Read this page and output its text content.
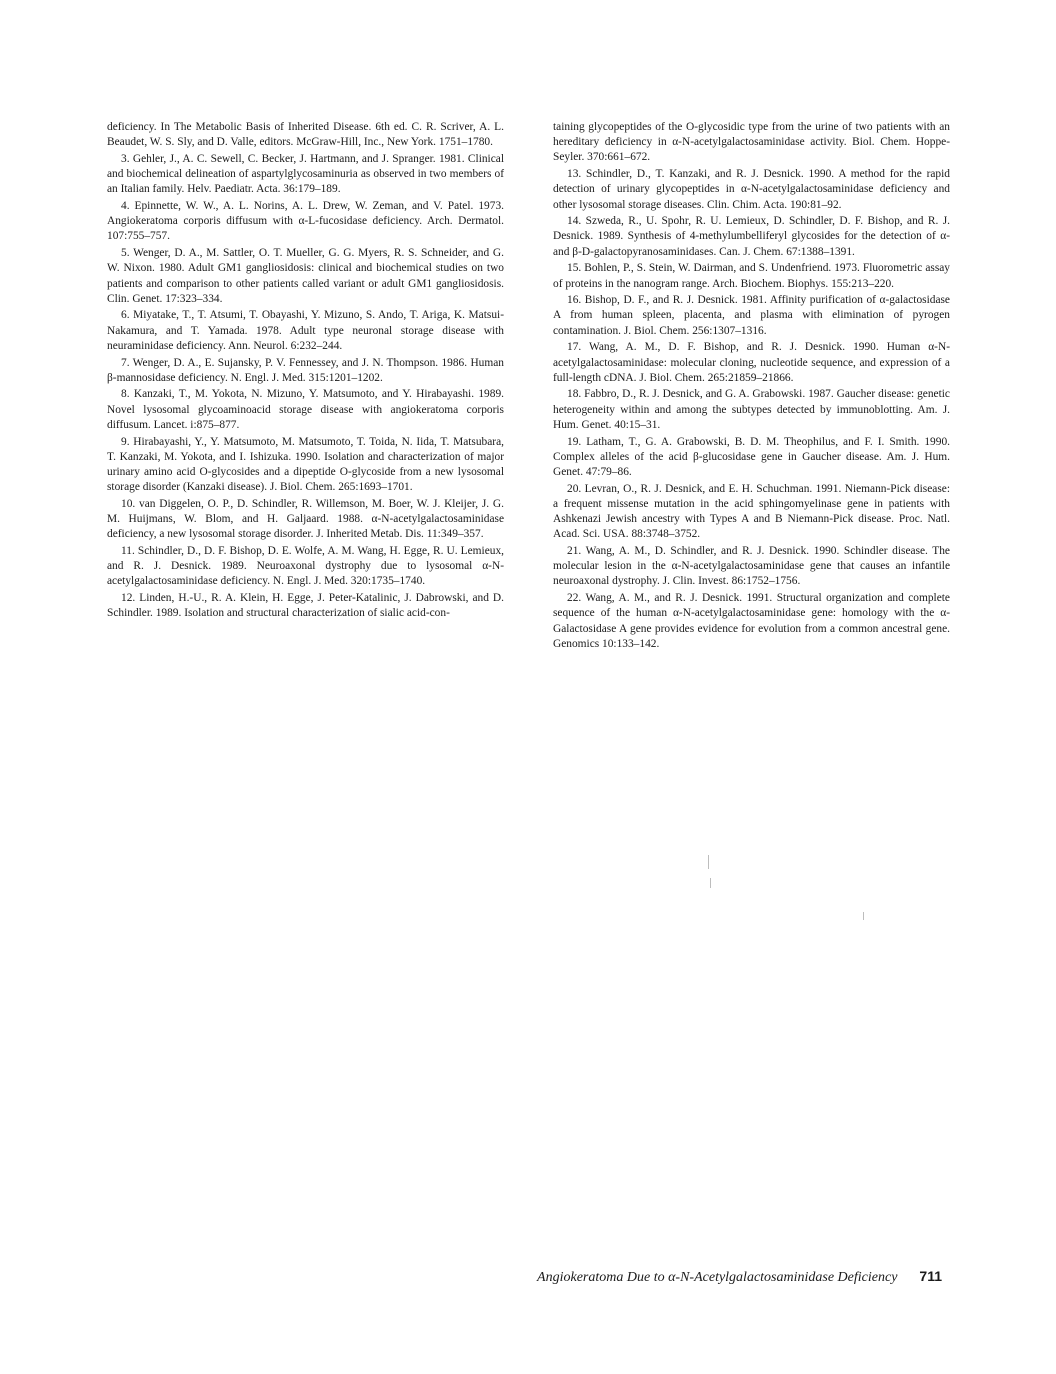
deficiency. In The Metabolic Basis of Inherited Disease. 6th ed. C. R. Scriver, A. L. Beaudet, W. S. Sly, and D. Valle, editors. McGraw-Hill, Inc., New York. 1751–1780.

3. Gehler, J., A. C. Sewell, C. Becker, J. Hartmann, and J. Spranger. 1981. Clinical and biochemical delineation of aspartylglycosaminuria as observed in two members of an Italian family. Helv. Paediatr. Acta. 36:179–189.

4. Epinnette, W. W., A. L. Norins, A. L. Drew, W. Zeman, and V. Patel. 1973. Angiokeratoma corporis diffusum with α-L-fucosidase deficiency. Arch. Dermatol. 107:755–757.

5. Wenger, D. A., M. Sattler, O. T. Mueller, G. G. Myers, R. S. Schneider, and G. W. Nixon. 1980. Adult GM1 gangliosidosis: clinical and biochemical studies on two patients and comparison to other patients called variant or adult GM1 gangliosidosis. Clin. Genet. 17:323–334.

6. Miyatake, T., T. Atsumi, T. Obayashi, Y. Mizuno, S. Ando, T. Ariga, K. Matsui-Nakamura, and T. Yamada. 1978. Adult type neuronal storage disease with neuraminidase deficiency. Ann. Neurol. 6:232–244.

7. Wenger, D. A., E. Sujansky, P. V. Fennessey, and J. N. Thompson. 1986. Human β-mannosidase deficiency. N. Engl. J. Med. 315:1201–1202.

8. Kanzaki, T., M. Yokota, N. Mizuno, Y. Matsumoto, and Y. Hirabayashi. 1989. Novel lysosomal glycoaminoacid storage disease with angiokeratoma corporis diffusum. Lancet. i:875–877.

9. Hirabayashi, Y., Y. Matsumoto, M. Matsumoto, T. Toida, N. Iida, T. Matsubara, T. Kanzaki, M. Yokota, and I. Ishizuka. 1990. Isolation and characterization of major urinary amino acid O-glycosides and a dipeptide O-glycoside from a new lysosomal storage disorder (Kanzaki disease). J. Biol. Chem. 265:1693–1701.

10. van Diggelen, O. P., D. Schindler, R. Willemson, M. Boer, W. J. Kleijer, J. G. M. Huijmans, W. Blom, and H. Galjaard. 1988. α-N-acetylgalactosaminidase deficiency, a new lysosomal storage disorder. J. Inherited Metab. Dis. 11:349–357.

11. Schindler, D., D. F. Bishop, D. E. Wolfe, A. M. Wang, H. Egge, R. U. Lemieux, and R. J. Desnick. 1989. Neuroaxonal dystrophy due to lysosomal α-N-acetylgalactosaminidase deficiency. N. Engl. J. Med. 320:1735–1740.

12. Linden, H.-U., R. A. Klein, H. Egge, J. Peter-Katalinic, J. Dabrowski, and D. Schindler. 1989. Isolation and structural characterization of sialic acid-con-

taining glycopeptides of the O-glycosidic type from the urine of two patients with an hereditary deficiency in α-N-acetylgalactosaminidase activity. Biol. Chem. Hoppe-Seyler. 370:661–672.

13. Schindler, D., T. Kanzaki, and R. J. Desnick. 1990. A method for the rapid detection of urinary glycopeptides in α-N-acetylgalactosaminidase deficiency and other lysosomal storage diseases. Clin. Chim. Acta. 190:81–92.

14. Szweda, R., U. Spohr, R. U. Lemieux, D. Schindler, D. F. Bishop, and R. J. Desnick. 1989. Synthesis of 4-methylumbelliferyl glycosides for the detection of α- and β-D-galactopyranosaminidases. Can. J. Chem. 67:1388–1391.

15. Bohlen, P., S. Stein, W. Dairman, and S. Undenfriend. 1973. Fluorometric assay of proteins in the nanogram range. Arch. Biochem. Biophys. 155:213–220.

16. Bishop, D. F., and R. J. Desnick. 1981. Affinity purification of α-galactosidase A from human spleen, placenta, and plasma with elimination of pyrogen contamination. J. Biol. Chem. 256:1307–1316.

17. Wang, A. M., D. F. Bishop, and R. J. Desnick. 1990. Human α-N-acetylgalactosaminidase: molecular cloning, nucleotide sequence, and expression of a full-length cDNA. J. Biol. Chem. 265:21859–21866.

18. Fabbro, D., R. J. Desnick, and G. A. Grabowski. 1987. Gaucher disease: genetic heterogeneity within and among the subtypes detected by immunoblotting. Am. J. Hum. Genet. 40:15–31.

19. Latham, T., G. A. Grabowski, B. D. M. Theophilus, and F. I. Smith. 1990. Complex alleles of the acid β-glucosidase gene in Gaucher disease. Am. J. Hum. Genet. 47:79–86.

20. Levran, O., R. J. Desnick, and E. H. Schuchman. 1991. Niemann-Pick disease: a frequent missense mutation in the acid sphingomyelinase gene in patients with Ashkenazi Jewish ancestry with Types A and B Niemann-Pick disease. Proc. Natl. Acad. Sci. USA. 88:3748–3752.

21. Wang, A. M., D. Schindler, and R. J. Desnick. 1990. Schindler disease. The molecular lesion in the α-N-acetylgalactosaminidase gene that causes an infantile neuroaxonal dystrophy. J. Clin. Invest. 86:1752–1756.

22. Wang, A. M., and R. J. Desnick. 1991. Structural organization and complete sequence of the human α-N-acetylgalactosaminidase gene: homology with the α-Galactosidase A gene provides evidence for evolution from a common ancestral gene. Genomics 10:133–142.

Angiokeratoma Due to α-N-Acetylgalactosaminidase Deficiency 711
